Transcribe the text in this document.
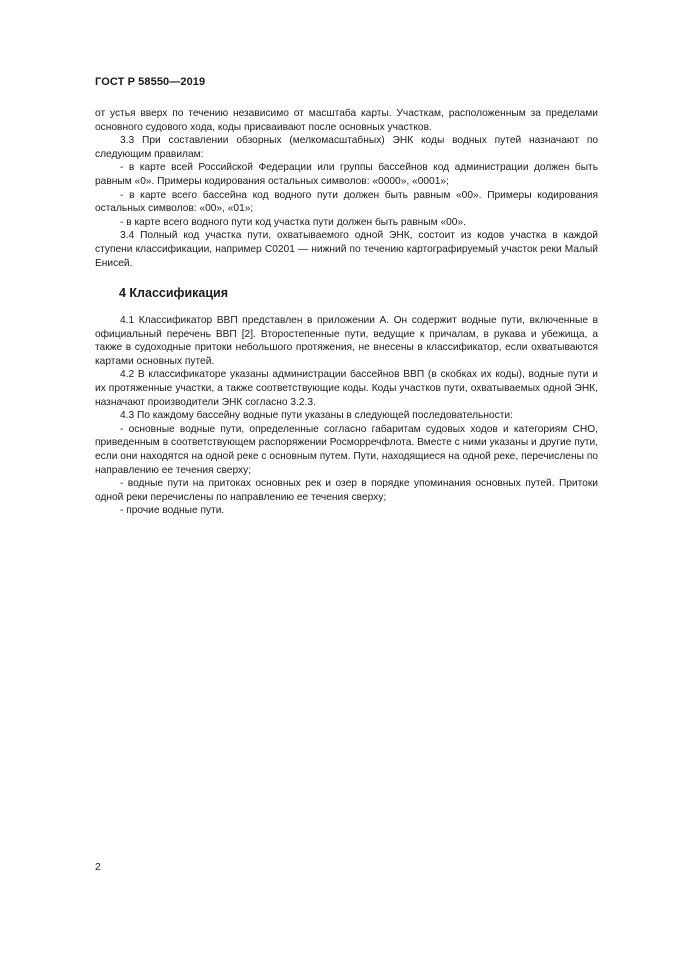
ГОСТ Р 58550—2019

от устья вверх по течению независимо от масштаба карты. Участкам, расположенным за пределами основного судового хода, коды присваивают после основных участков.

3.3 При составлении обзорных (мелкомасштабных) ЭНК коды водных путей назначают по следующим правилам:

- в карте всей Российской Федерации или группы бассейнов код администрации должен быть равным «0». Примеры кодирования остальных символов: «0000», «0001»;

- в карте всего бассейна код водного пути должен быть равным «00». Примеры кодирования остальных символов: «00», «01»;

- в карте всего водного пути код участка пути должен быть равным «00».

3.4 Полный код участка пути, охватываемого одной ЭНК, состоит из кодов участка в каждой ступени классификации, например С0201 — нижний по течению картографируемый участок реки Малый Енисей.

4 Классификация

4.1 Классификатор ВВП представлен в приложении А. Он содержит водные пути, включенные в официальный перечень ВВП [2]. Второстепенные пути, ведущие к причалам, в рукава и убежища, а также в судоходные притоки небольшого протяжения, не внесены в классификатор, если охватываются картами основных путей.

4.2 В классификаторе указаны администрации бассейнов ВВП (в скобках их коды), водные пути и их протяженные участки, а также соответствующие коды. Коды участков пути, охватываемых одной ЭНК, назначают производители ЭНК согласно 3.2.3.

4.3 По каждому бассейну водные пути указаны в следующей последовательности:

- основные водные пути, определенные согласно габаритам судовых ходов и категориям СНО, приведенным в соответствующем распоряжении Росморречфлота. Вместе с ними указаны и другие пути, если они находятся на одной реке с основным путем. Пути, находящиеся на одной реке, перечислены по направлению ее течения сверху;

- водные пути на притоках основных рек и озер в порядке упоминания основных путей. Притоки одной реки перечислены по направлению ее течения сверху;

- прочие водные пути.

2
